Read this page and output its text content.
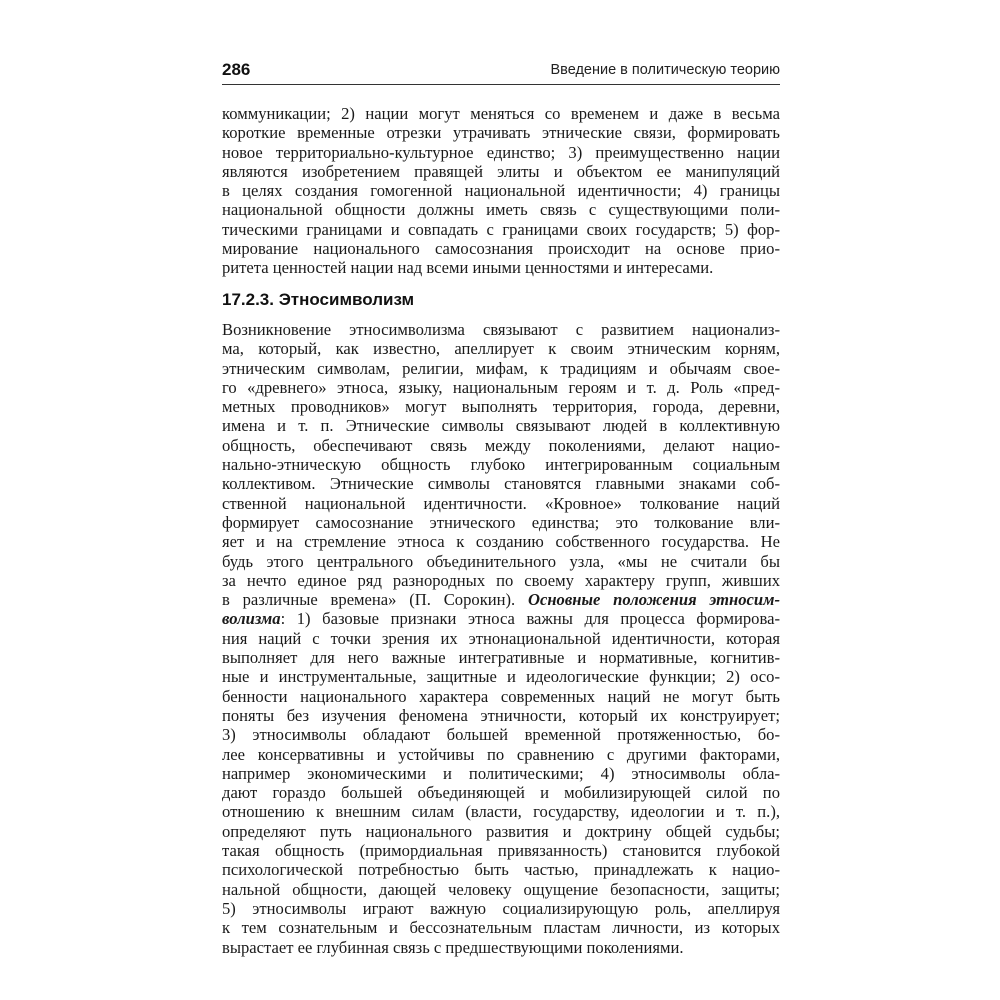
286	Введение в политическую теорию
коммуникации; 2) нации могут меняться со временем и даже в весьма
короткие временные отрезки утрачивать этнические связи, формировать
новое территориально-культурное единство; 3) преимущественно нации
являются изобретением правящей элиты и объектом ее манипуляций
в целях создания гомогенной национальной идентичности; 4) границы
национальной общности должны иметь связь с существующими поли-
тическими границами и совпадать с границами своих государств; 5) фор-
мирование национального самосознания происходит на основе прио-
ритета ценностей нации над всеми иными ценностями и интересами.
17.2.3. Этносимволизм
Возникновение этносимволизма связывают с развитием национализ-
ма, который, как известно, апеллирует к своим этническим корням,
этническим символам, религии, мифам, к традициям и обычаям свое-
го «древнего» этноса, языку, национальным героям и т. д. Роль «пред-
метных проводников» могут выполнять территория, города, деревни,
имена и т. п. Этнические символы связывают людей в коллективную
общность, обеспечивают связь между поколениями, делают нацио-
нально-этническую общность глубоко интегрированным социальным
коллективом. Этнические символы становятся главными знаками соб-
ственной национальной идентичности. «Кровное» толкование наций
формирует самосознание этнического единства; это толкование вли-
яет и на стремление этноса к созданию собственного государства. Не
будь этого центрального объединительного узла, «мы не считали бы
за нечто единое ряд разнородных по своему характеру групп, живших
в различные времена» (П. Сорокин). Основные положения этносим-
волизма: 1) базовые признаки этноса важны для процесса формирова-
ния наций с точки зрения их этнонациональной идентичности, которая
выполняет для него важные интегративные и нормативные, когнитив-
ные и инструментальные, защитные и идеологические функции; 2) осо-
бенности национального характера современных наций не могут быть
поняты без изучения феномена этничности, который их конструирует;
3) этносимволы обладают большей временной протяженностью, бо-
лее консервативны и устойчивы по сравнению с другими факторами,
например экономическими и политическими; 4) этносимволы обла-
дают гораздо большей объединяющей и мобилизирующей силой по
отношению к внешним силам (власти, государству, идеологии и т. п.),
определяют путь национального развития и доктрину общей судьбы;
такая общность (примордиальная привязанность) становится глубокой
психологической потребностью быть частью, принадлежать к нацио-
нальной общности, дающей человеку ощущение безопасности, защиты;
5) этносимволы играют важную социализирующую роль, апеллируя
к тем сознательным и бессознательным пластам личности, из которых
вырастает ее глубинная связь с предшествующими поколениями.
